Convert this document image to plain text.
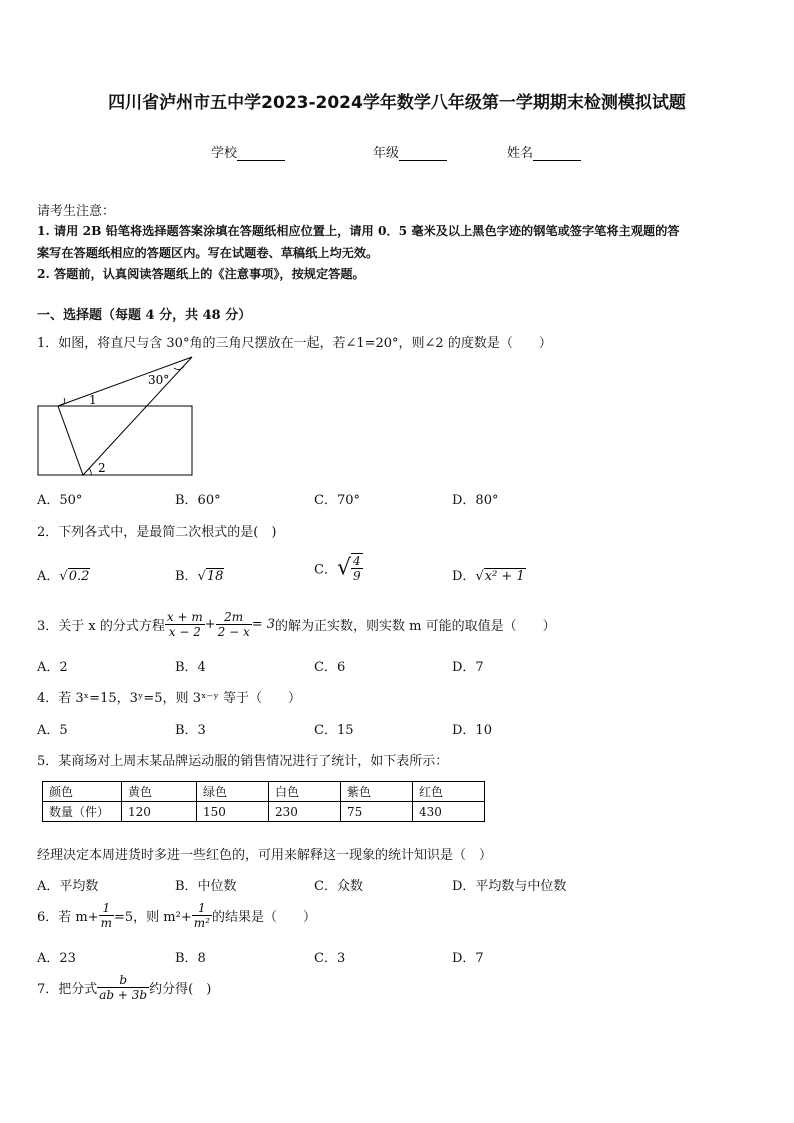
四川省泸州市五中学2023-2024学年数学八年级第一学期期末检测模拟试题
学校	年级	姓名
请考生注意：
1. 请用 2B 铅笔将选择题答案涂填在答题纸相应位置上，请用 0．5 毫米及以上黑色字迹的钢笔或签字笔将主观题的答
案写在答题纸相应的答题区内。写在试题卷、草稿纸上均无效。
2. 答题前，认真阅读答题纸上的《注意事项》，按规定答题。
一、选择题（每题 4 分，共 48 分）
1．如图，将直尺与含 30°角的三角尺摆放在一起，若∠1=20°，则∠2 的度数是（　　）
30°
1
2
A．50°	B．60°	C．70°	D．80°
2．下列各式中，是最简二次根式的是(　)
A．√0.2	B．√18	C．√ $\frac{4}{9}$	D．√x² + 1
3．关于 x 的分式方程 $\frac{x + m}{x - 2} + \frac{2m}{2 - x} = 3$的解为正实数，则实数 m 可能的取值是（　　）
A．2	B．4	C．6	D．7
4．若 3ˣ=15，3ʸ=5，则 3ˣ⁻ʸ 等于（　　）
A．5	B．3	C．15	D．10
5．某商场对上周末某品牌运动服的销售情况进行了统计，如下表所示：
颜色	黄色	绿色	白色	紫色	红色
数量（件）	120	150	230	75	430
经理决定本周进货时多进一些红色的，可用来解释这一现象的统计知识是（　）
A．平均数	B．中位数	C．众数	D．平均数与中位数
6．若 $m+ \frac{1}{m} =5$，则 $m^2+ \frac{1}{\text{m²}}$ 的结果是（　　）
A．23	B．8	C．3	D．7
7．把分式 $\frac{b}{ab + 3b}$ 约分得(　)
